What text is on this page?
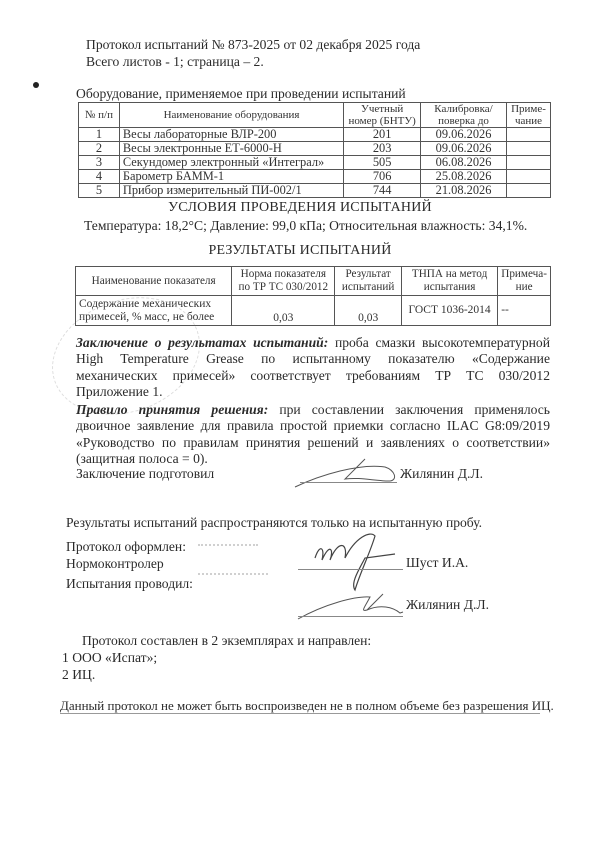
Протокол испытаний № 873-2025 от 02 декабря 2025 года
Всего листов - 1; страница – 2.
Оборудование, применяемое при проведении испытаний
№ п/п	Наименование оборудования	Учетный номер (БНТУ)	Калибровка/ поверка до	Приме- чание
1	Весы лабораторные ВЛР-200	201	09.06.2026	
2	Весы электронные ЕТ-6000-Н	203	09.06.2026	
3	Секундомер электронный «Интеграл»	505	06.08.2026	
4	Барометр БАММ-1	706	25.08.2026	
5	Прибор измерительный ПИ-002/1	744	21.08.2026	
УСЛОВИЯ ПРОВЕДЕНИЯ ИСПЫТАНИЙ
Температура: 18,2°С; Давление: 99,0 кПа; Относительная влажность: 34,1%.
РЕЗУЛЬТАТЫ ИСПЫТАНИЙ
Наименование показателя	Норма показателя по ТР ТС 030/2012	Результат испытаний	ТНПА на метод испытания	Примеча- ние
Содержание механических примесей, % масс, не более	0,03	0,03	ГОСТ 1036-2014	--
Заключение о результатах испытаний: проба смазки высокотемпературной High Temperature Grease по испытанному показателю «Содержание механических примесей» соответствует требованиям ТР ТС 030/2012 Приложение 1.
Правило принятия решения: при составлении заключения применялось двоичное заявление для правила простой приемки согласно ILAC G8:09/2019 «Руководство по правилам принятия решений и заявлениях о соответствии» (защитная полоса = 0).
Заключение подготовил	Жилянин Д.Л.
Результаты испытаний распространяются только на испытанную пробу.
Протокол оформлен:
Нормоконтролер	Шуст И.А.
Испытания проводил:
Жилянин Д.Л.
Протокол составлен в 2 экземплярах и направлен:
1 ООО «Испат»;
2 ИЦ.
Данный протокол не может быть воспроизведен не в полном объеме без разрешения ИЦ.
